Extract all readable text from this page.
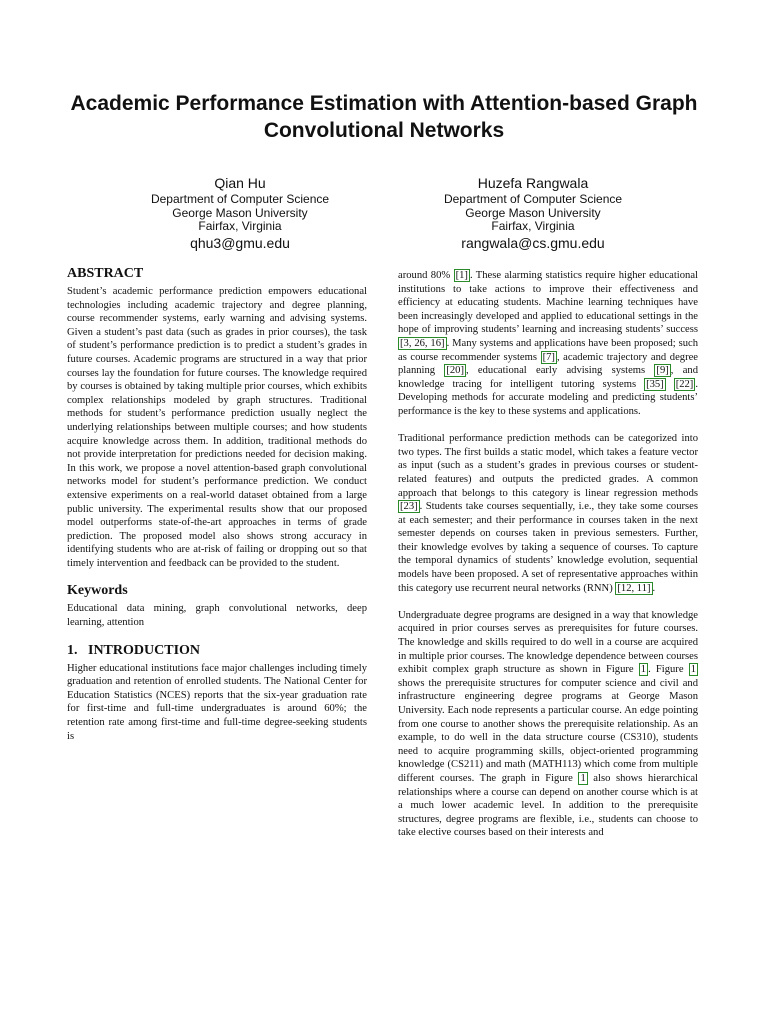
Academic Performance Estimation with Attention-based Graph Convolutional Networks
Qian Hu
Department of Computer Science
George Mason University
Fairfax, Virginia
qhu3@gmu.edu
Huzefa Rangwala
Department of Computer Science
George Mason University
Fairfax, Virginia
rangwala@cs.gmu.edu
ABSTRACT

Student’s academic performance prediction empowers educational technologies including academic trajectory and degree planning, course recommender systems, early warning and advising systems. Given a student’s past data (such as grades in prior courses), the task of student’s performance prediction is to predict a student’s grades in future courses. Academic programs are structured in a way that prior courses lay the foundation for future courses. The knowledge required by courses is obtained by taking multiple prior courses, which exhibits complex relationships modeled by graph structures. Traditional methods for student’s performance prediction usually neglect the underlying relationships between multiple courses; and how students acquire knowledge across them. In addition, traditional methods do not provide interpretation for predictions needed for decision making. In this work, we propose a novel attention-based graph convolutional networks model for student’s performance prediction. We conduct extensive experiments on a real-world dataset obtained from a large public university. The experimental results show that our proposed model outperforms state-of-the-art approaches in terms of grade prediction. The proposed model also shows strong accuracy in identifying students who are at-risk of failing or dropping out so that timely intervention and feedback can be provided to the student.

Keywords

Educational data mining, graph convolutional networks, deep learning, attention

1.   INTRODUCTION

Higher educational institutions face major challenges including timely graduation and retention of enrolled students. The National Center for Education Statistics (NCES) reports that the six-year graduation rate for first-time and full-time undergraduates is around 60%; the retention rate among first-time and full-time degree-seeking students is

around 80% [1] . These alarming statistics require higher educational institutions to take actions to improve their effectiveness and efficiency at educating students. Machine learning techniques have been increasingly developed and applied to educational settings in the hope of improving students’ learning and increasing students’ success [3, 26, 16] . Many systems and applications have been proposed; such as course recommender systems [7] , academic trajectory and degree planning [20] , educational early advising systems [9] , and knowledge tracing for intelligent tutoring systems [35] [22] . Developing methods for accurate modeling and predicting students’ performance is the key to these systems and applications.

Traditional performance prediction methods can be categorized into two types. The first builds a static model, which takes a feature vector as input (such as a student’s grades in previous courses or student-related features) and outputs the predicted grades. A common approach that belongs to this category is linear regression methods [23] . Students take courses sequentially, i.e., they take some courses at each semester; and their performance in courses taken in the next semester depends on courses taken in previous semesters. Further, their knowledge evolves by taking a sequence of courses. To capture the temporal dynamics of students’ knowledge evolution, sequential models have been proposed. A set of representative approaches within this category use recurrent neural networks (RNN) [12, 11] .

Undergraduate degree programs are designed in a way that knowledge acquired in prior courses serves as prerequisites for future courses. The knowledge and skills required to do well in a course are acquired in multiple prior courses. The knowledge dependence between courses exhibit complex graph structure as shown in Figure 1 . Figure 1 shows the prerequisite structures for computer science and civil and infrastructure engineering degree programs at George Mason University. Each node represents a particular course. An edge pointing from one course to another shows the prerequisite relationship. As an example, to do well in the data structure course (CS310), students need to acquire programming skills, object-oriented programming knowledge (CS211) and math (MATH113) which come from multiple different courses. The graph in Figure 1 also shows hierarchical relationships where a course can depend on another course which is at a much lower academic level. In addition to the prerequisite structures, degree programs are flexible, i.e., students can choose to take elective courses based on their interests and
